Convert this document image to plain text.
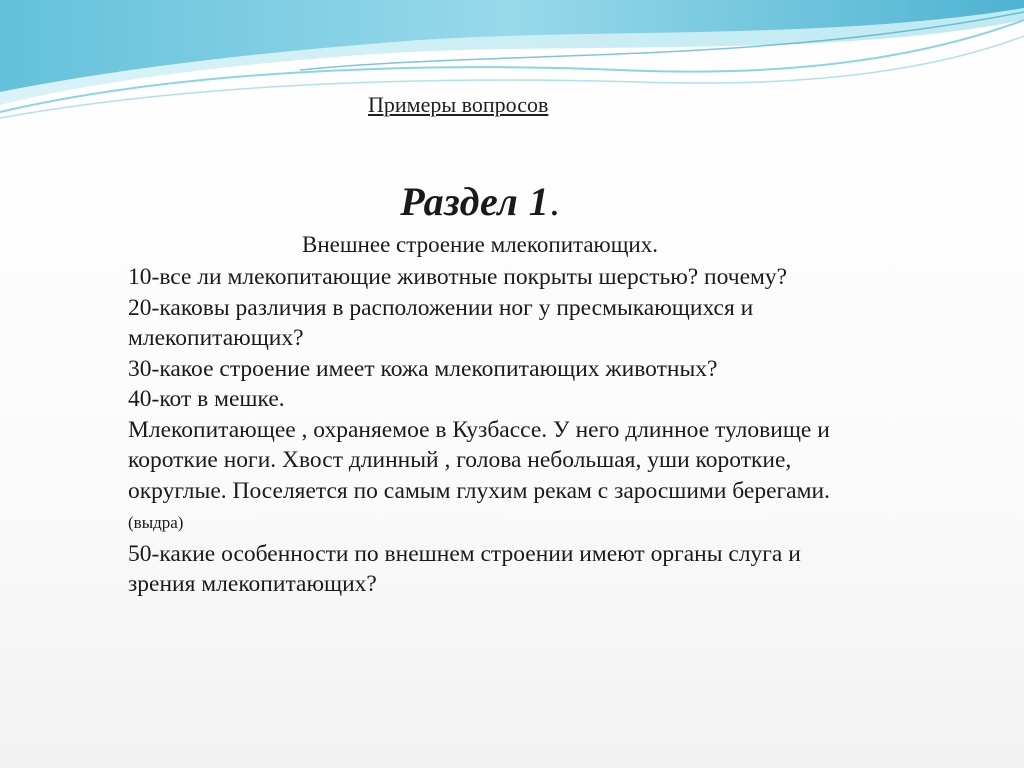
Примеры вопросов
Раздел 1.
Внешнее строение млекопитающих.

10-все ли млекопитающие животные покрыты шерстью? почему?

20-каковы различия в расположении ног у пресмыкающихся и млекопитающих?

30-какое строение имеет кожа млекопитающих животных?

40-кот в мешке.

Млекопитающее , охраняемое в Кузбассе. У него длинное туловище и короткие ноги. Хвост длинный , голова небольшая, уши короткие, округлые. Поселяется по самым глухим рекам с заросшими берегами. (выдра)

50-какие особенности по внешнем строении имеют органы слуга и зрения млекопитающих?
